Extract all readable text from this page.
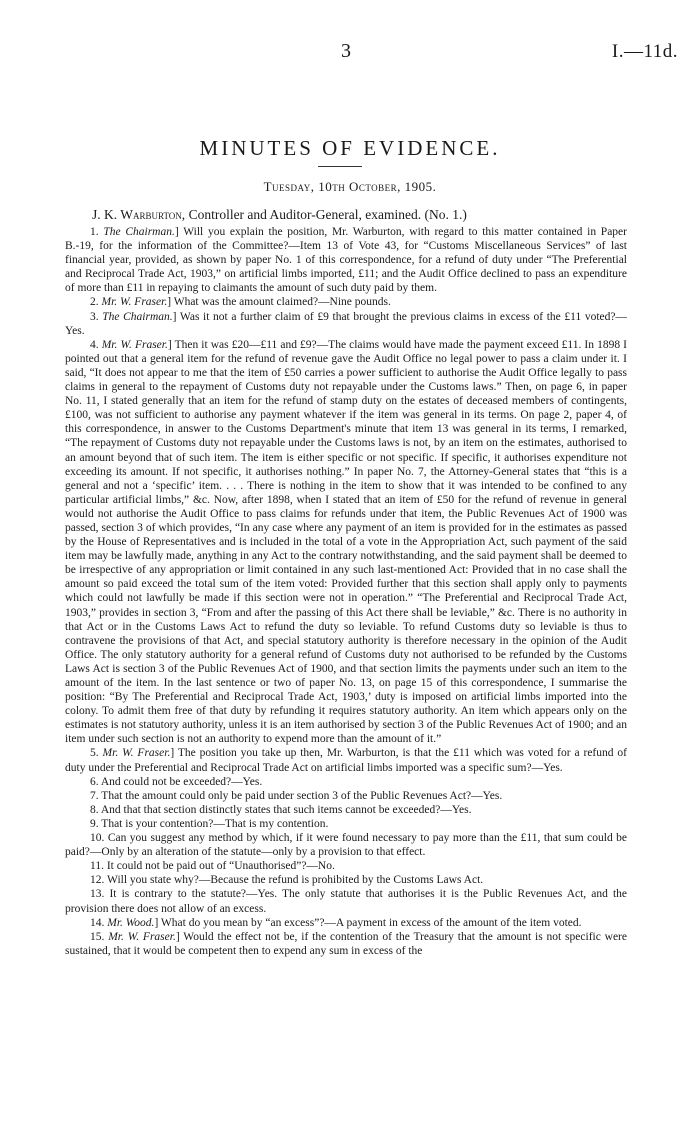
3	I.—11d.
MINUTES OF EVIDENCE.
Tuesday, 10th October, 1905.
J. K. Warburton, Controller and Auditor-General, examined. (No. 1.)

1. The Chairman.] Will you explain the position, Mr. Warburton, with regard to this matter contained in Paper B.-19, for the information of the Committee?—Item 13 of Vote 43, for “Customs Miscellaneous Services” of last financial year, provided, as shown by paper No. 1 of this correspondence, for a refund of duty under “The Preferential and Reciprocal Trade Act, 1903,” on artificial limbs imported, £11; and the Audit Office declined to pass an expenditure of more than £11 in repaying to claimants the amount of such duty paid by them.

2. Mr. W. Fraser.] What was the amount claimed?—Nine pounds.

3. The Chairman.] Was it not a further claim of £9 that brought the previous claims in excess of the £11 voted?—Yes.

4. Mr. W. Fraser.] Then it was £20—£11 and £9?—The claims would have made the payment exceed £11. In 1898 I pointed out that a general item for the refund of revenue gave the Audit Office no legal power to pass a claim under it. I said, “It does not appear to me that the item of £50 carries a power sufficient to authorise the Audit Office legally to pass claims in general to the repayment of Customs duty not repayable under the Customs laws.” Then, on page 6, in paper No. 11, I stated generally that an item for the refund of stamp duty on the estates of deceased members of contingents, £100, was not sufficient to authorise any payment whatever if the item was general in its terms. On page 2, paper 4, of this correspondence, in answer to the Customs Department's minute that item 13 was general in its terms, I remarked, “The repayment of Customs duty not repayable under the Customs laws is not, by an item on the estimates, authorised to an amount beyond that of such item. The item is either specific or not specific. If specific, it authorises expenditure not exceeding its amount. If not specific, it authorises nothing.” In paper No. 7, the Attorney-General states that “this is a general and not a ‘specific’ item. . . . There is nothing in the item to show that it was intended to be confined to any particular artificial limbs,” &c. Now, after 1898, when I stated that an item of £50 for the refund of revenue in general would not authorise the Audit Office to pass claims for refunds under that item, the Public Revenues Act of 1900 was passed, section 3 of which provides, “In any case where any payment of an item is provided for in the estimates as passed by the House of Representatives and is included in the total of a vote in the Appropriation Act, such payment of the said item may be lawfully made, anything in any Act to the contrary notwithstanding, and the said payment shall be deemed to be irrespective of any appropriation or limit contained in any such last-mentioned Act: Provided that in no case shall the amount so paid exceed the total sum of the item voted: Provided further that this section shall apply only to payments which could not lawfully be made if this section were not in operation.” “The Preferential and Reciprocal Trade Act, 1903,” provides in section 3, “From and after the passing of this Act there shall be leviable,” &c. There is no authority in that Act or in the Customs Laws Act to refund the duty so leviable. To refund Customs duty so leviable is thus to contravene the provisions of that Act, and special statutory authority is therefore necessary in the opinion of the Audit Office. The only statutory authority for a general refund of Customs duty not authorised to be refunded by the Customs Laws Act is section 3 of the Public Revenues Act of 1900, and that section limits the payments under such an item to the amount of the item. In the last sentence or two of paper No. 13, on page 15 of this correspondence, I summarise the position: “By The Preferential and Reciprocal Trade Act, 1903,’ duty is imposed on artificial limbs imported into the colony. To admit them free of that duty by refunding it requires statutory authority. An item which appears only on the estimates is not statutory authority, unless it is an item authorised by section 3 of the Public Revenues Act of 1900; and an item under such section is not an authority to expend more than the amount of it.”

5. Mr. W. Fraser.] The position you take up then, Mr. Warburton, is that the £11 which was voted for a refund of duty under the Preferential and Reciprocal Trade Act on artificial limbs imported was a specific sum?—Yes.

6. And could not be exceeded?—Yes.

7. That the amount could only be paid under section 3 of the Public Revenues Act?—Yes.

8. And that that section distinctly states that such items cannot be exceeded?—Yes.

9. That is your contention?—That is my contention.

10. Can you suggest any method by which, if it were found necessary to pay more than the £11, that sum could be paid?—Only by an alteration of the statute—only by a provision to that effect.

11. It could not be paid out of “Unauthorised”?—No.

12. Will you state why?—Because the refund is prohibited by the Customs Laws Act.

13. It is contrary to the statute?—Yes. The only statute that authorises it is the Public Revenues Act, and the provision there does not allow of an excess.

14. Mr. Wood.] What do you mean by “an excess”?—A payment in excess of the amount of the item voted.

15. Mr. W. Fraser.] Would the effect not be, if the contention of the Treasury that the amount is not specific were sustained, that it would be competent then to expend any sum in excess of the
